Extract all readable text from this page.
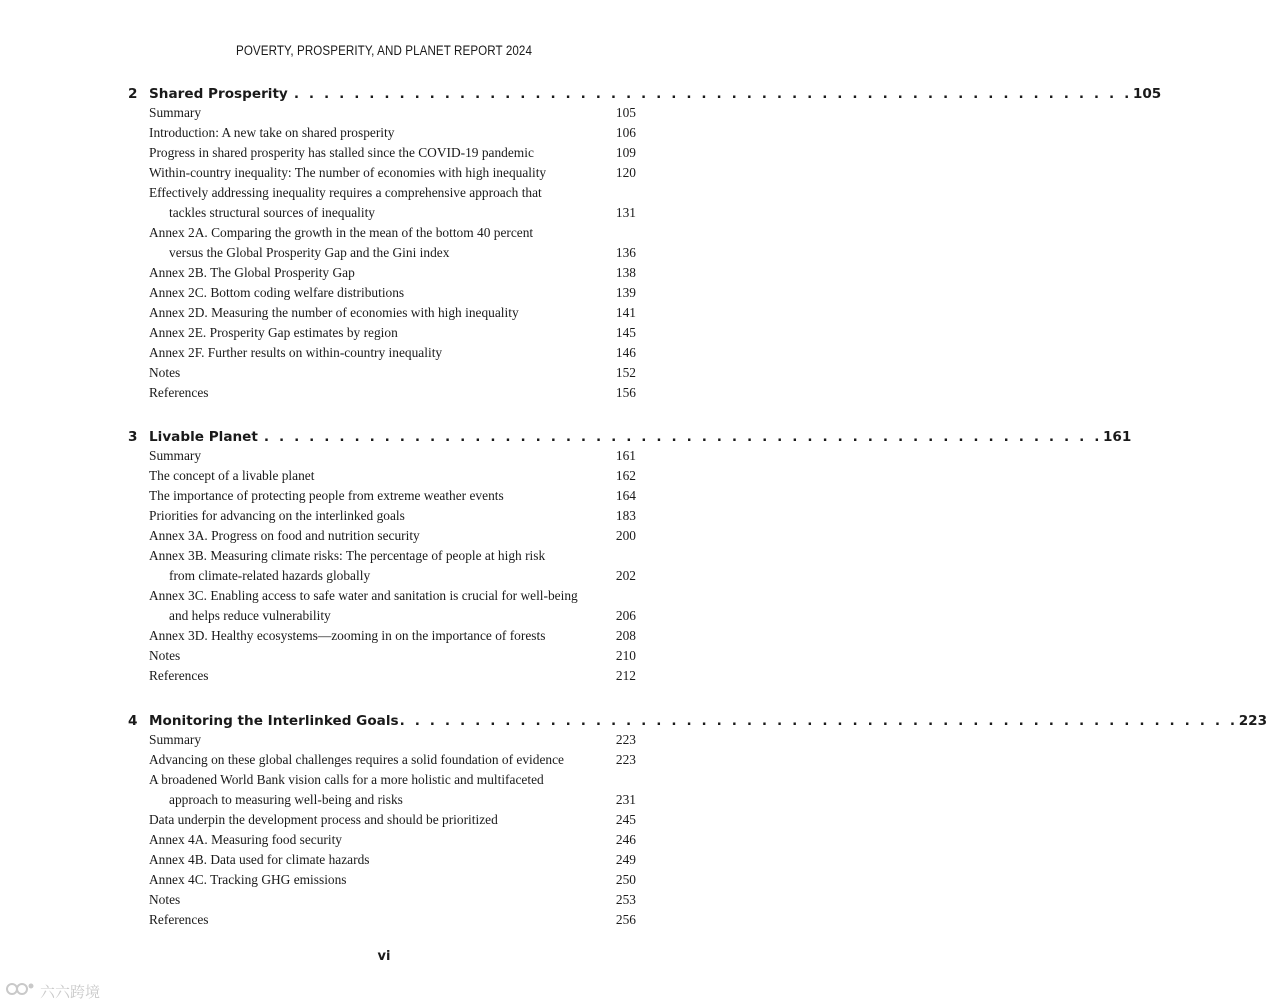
POVERTY, PROSPERITY, AND PLANET REPORT 2024
2 Shared Prosperity . . . . . . . . . . . . . . . . . . . . . . . . . . . . . . . . . . . . . . . . . . . . . . . . . . . . . . . . 105
Summary	105
Introduction: A new take on shared prosperity	106
Progress in shared prosperity has stalled since the COVID-19 pandemic	109
Within-country inequality: The number of economies with high inequality	120
Effectively addressing inequality requires a comprehensive approach that
tackles structural sources of inequality	131
Annex 2A. Comparing the growth in the mean of the bottom 40 percent
versus the Global Prosperity Gap and the Gini index	136
Annex 2B. The Global Prosperity Gap	138
Annex 2C. Bottom coding welfare distributions	139
Annex 2D. Measuring the number of economies with high inequality	141
Annex 2E. Prosperity Gap estimates by region	145
Annex 2F. Further results on within-country inequality	146
Notes	152
References	156
3 Livable Planet . . . . . . . . . . . . . . . . . . . . . . . . . . . . . . . . . . . . . . . . . . . . . . . . . . . . . . . . 161
Summary	161
The concept of a livable planet	162
The importance of protecting people from extreme weather events	164
Priorities for advancing on the interlinked goals	183
Annex 3A. Progress on food and nutrition security	200
Annex 3B. Measuring climate risks: The percentage of people at high risk
from climate-related hazards globally	202
Annex 3C. Enabling access to safe water and sanitation is crucial for well-being
and helps reduce vulnerability	206
Annex 3D. Healthy ecosystems—zooming in on the importance of forests	208
Notes	210
References	212
4 Monitoring the Interlinked Goals . . . . . . . . . . . . . . . . . . . . . . . . . . . . . . . . . . . . . . . . . . . . . . . . . . . . . . . . 223
Summary	223
Advancing on these global challenges requires a solid foundation of evidence	223
A broadened World Bank vision calls for a more holistic and multifaceted
approach to measuring well-being and risks	231
Data underpin the development process and should be prioritized	245
Annex 4A. Measuring food security	246
Annex 4B. Data used for climate hazards	249
Annex 4C. Tracking GHG emissions	250
Notes	253
References	256
vi
六六跨境
